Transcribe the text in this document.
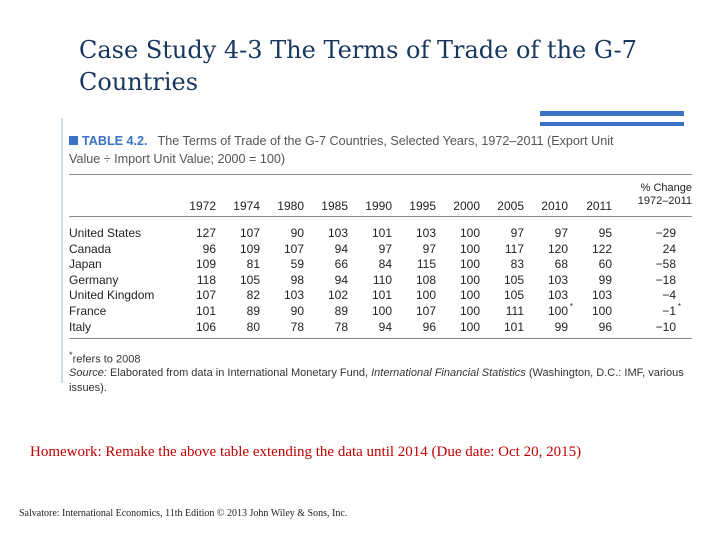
Case Study 4-3 The Terms of Trade of the G-7 Countries
TABLE 4.2. The Terms of Trade of the G-7 Countries, Selected Years, 1972–2011 (Export Unit
Value ÷ Import Unit Value; 2000 = 100)
% Change
1972–2011
1972	1974	1980	1985	1990	1995	2000	2005	2010	2011
United States	127	107	90	103	101	103	100	97	97	95	−29
Canada	96	109	107	94	97	97	100	117	120	122	24
Japan	109	81	59	66	84	115	100	83	68	60	−58
Germany	118	105	98	94	110	108	100	105	103	99	−18
United Kingdom	107	82	103	102	101	100	100	105	103	103	−4
France	101	89	90	89	100	107	100	111	100 *	100	−1 *
Italy	106	80	78	78	94	96	100	101	99	96	−10
*refers to 2008
Source: Elaborated from data in International Monetary Fund, International Financial Statistics (Washington, D.C.: IMF, various issues).
Homework: Remake the above table extending the data until 2014 (Due date: Oct 20, 2015)
Salvatore: International Economics, 11th Edition © 2013 John Wiley & Sons, Inc.
